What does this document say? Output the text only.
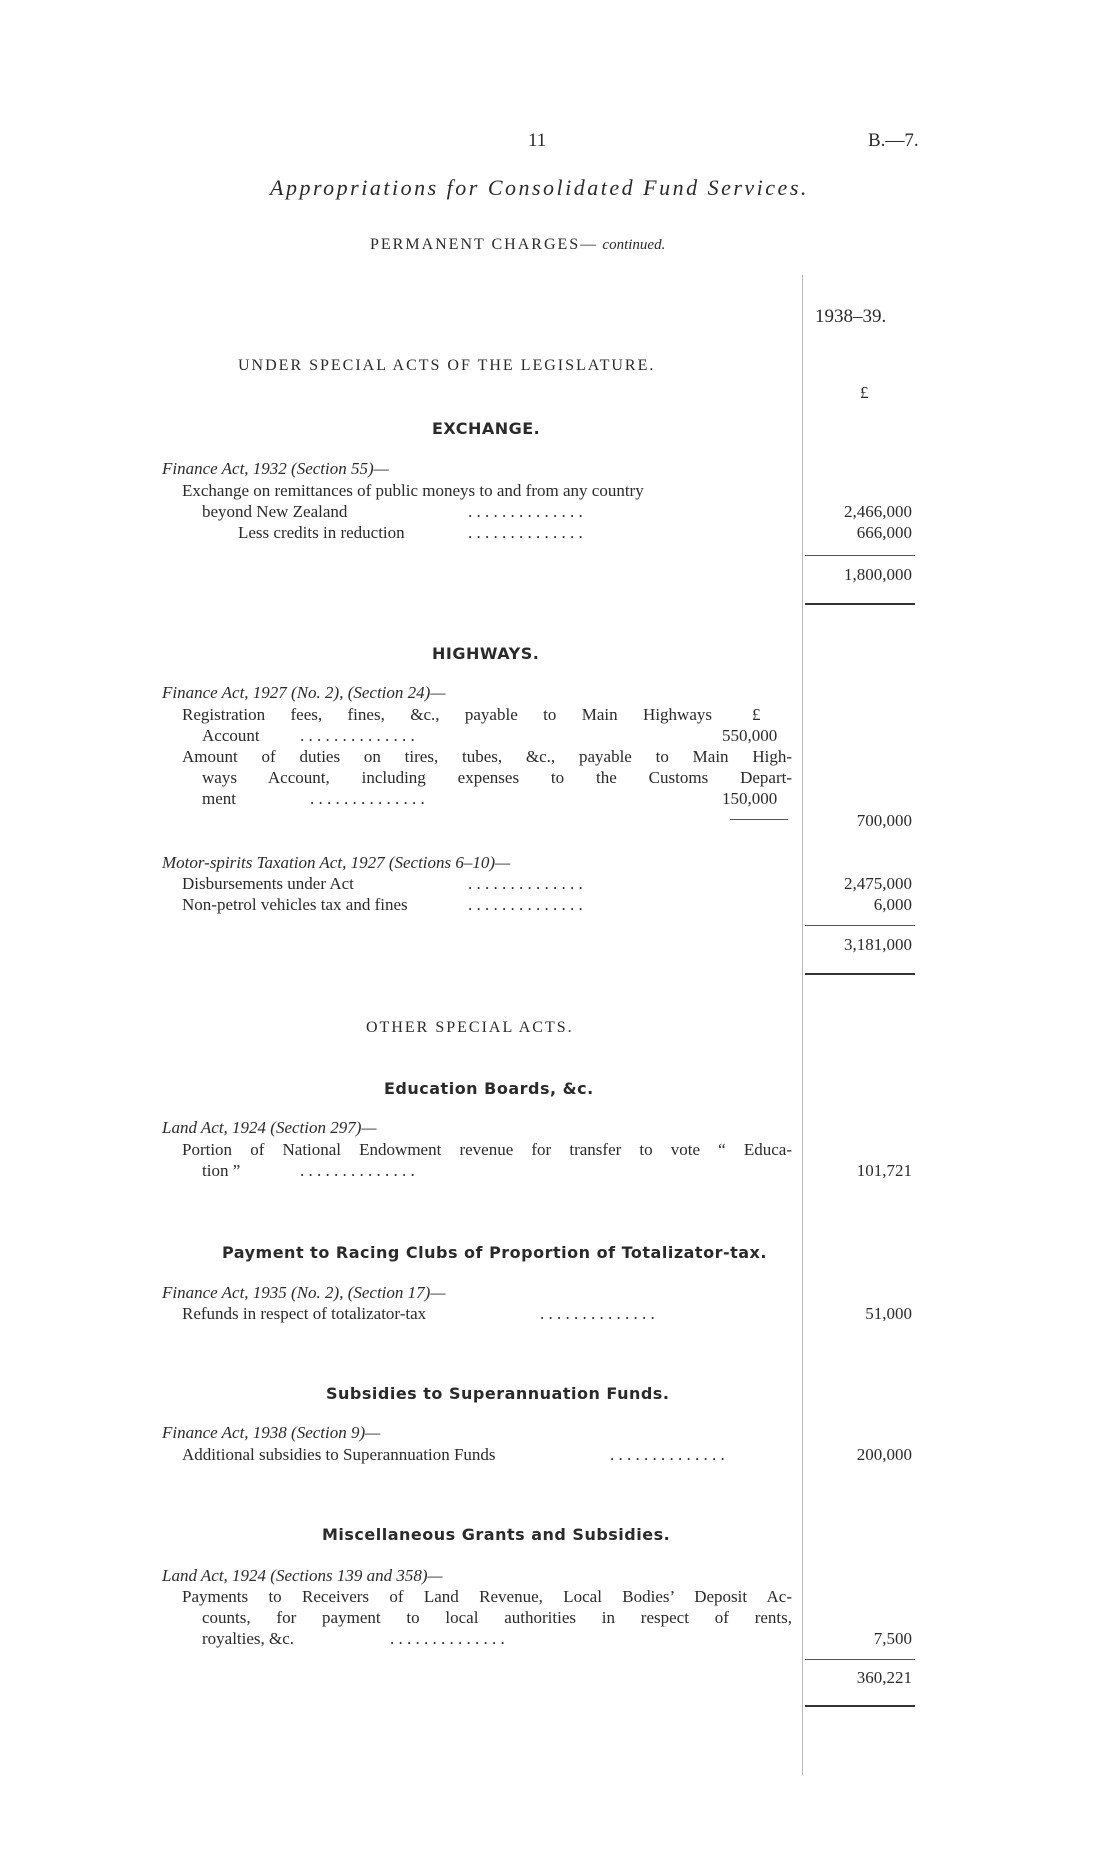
11	B.—7.
Appropriations for Consolidated Fund Services.
PERMANENT CHARGES— continued.
1938–39.
£
UNDER SPECIAL ACTS OF THE LEGISLATURE.
EXCHANGE.
Finance Act, 1932 (Section 55)—
Exchange on remittances of public moneys to and from any country
beyond New Zealand	. . . . . . . . . . . . . .	2,466,000
Less credits in reduction	. . . . . . . . . . . . . .	666,000
1,800,000
HIGHWAYS.
Finance Act, 1927 (No. 2), (Section 24)—
Registration fees, fines, &c., payable to Main Highways £
Account . . . . . . . . . . . . . .	550,000
Amount of duties on tires, tubes, &c., payable to Main High-
ways Account, including expenses to the Customs Depart-
ment	. . . . . . . . . . . . . .	150,000
700,000
Motor-spirits Taxation Act, 1927 (Sections 6–10)—
Disbursements under Act	. . . . . . . . . . . . . .	2,475,000
Non-petrol vehicles tax and fines	. . . . . . . . . . . . . .	6,000
3,181,000
OTHER SPECIAL ACTS.
Education Boards, &c.
Land Act, 1924 (Section 297)—
Portion of National Endowment revenue for transfer to vote “ Educa-
tion ”	. . . . . . . . . . . . . .	101,721
Payment to Racing Clubs of Proportion of Totalizator-tax.
Finance Act, 1935 (No. 2), (Section 17)—
Refunds in respect of totalizator-tax	. . . . . . . . . . . . . .	51,000
Subsidies to Superannuation Funds.
Finance Act, 1938 (Section 9)—
Additional subsidies to Superannuation Funds	. . . . . . . . . . . . . .	200,000
Miscellaneous Grants and Subsidies.
Land Act, 1924 (Sections 139 and 358)—
Payments to Receivers of Land Revenue, Local Bodies’ Deposit Ac-
counts, for payment to local authorities in respect of rents,
royalties, &c.	. . . . . . . . . . . . . .	7,500
360,221
